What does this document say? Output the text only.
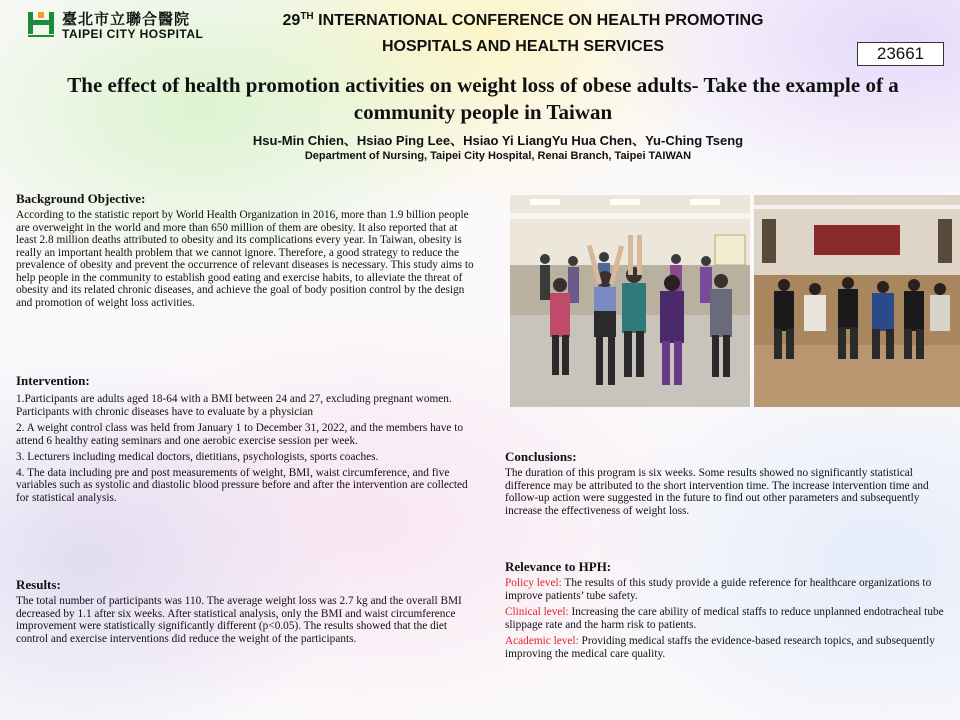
臺北市立聯合醫院
TAIPEI CITY HOSPITAL
29TH INTERNATIONAL CONFERENCE ON HEALTH PROMOTING
HOSPITALS AND HEALTH SERVICES	23661
The effect of health promotion activities on weight loss of obese adults- Take the example of a community people in Taiwan
Hsu-Min Chien、Hsiao Ping Lee、Hsiao Yi LiangYu Hua Chen、Yu-Ching Tseng
Department of Nursing, Taipei City Hospital, Renai Branch, Taipei TAIWAN
Background Objective:

According to the statistic report by World Health Organization in 2016, more than 1.9 billion people are overweight in the world and more than 650 million of them are obesity. It also reported that at least 2.8 million deaths attributed to obesity and its complications every year. In Taiwan, obesity is really an important health problem that we cannot ignore. Therefore, a good strategy to reduce the prevalence of obesity and prevent the occurrence of relevant diseases is necessary. This study aims to help people in the community to establish good eating and exercise habits, to alleviate the threat of obesity and its related chronic diseases, and achieve the goal of body position control by the design and promotion of weight loss activities.

Intervention:

1.Participants are adults aged 18-64 with a BMI between 24 and 27, excluding pregnant women. Participants with chronic diseases have to evaluate by a physician

2. A weight control class was held from January 1 to December 31, 2022, and the members have to attend 6 healthy eating seminars and one aerobic exercise session per week.

3. Lecturers including medical doctors, dietitians, psychologists, sports coaches.

4. The data including pre and post measurements of weight, BMI, waist circumference, and five variables such as systolic and diastolic blood pressure before and after the intervention are collected for statistical analysis.

Results:

The total number of participants was 110. The average weight loss was 2.7 kg and the overall BMI decreased by 1.1 after six weeks. After statistical analysis, only the BMI and waist circumference improvement were statistically significantly different (p<0.05). The results showed that the diet control and exercise interventions did reduce the weight of the participants.

Conclusions:

The duration of this program is six weeks. Some results showed no significantly statistical difference may be attributed to the short intervention time. The increase intervention time and follow-up action were suggested in the future to find out other parameters and subsequently increase the effectiveness of weight loss.

Relevance to HPH:

Policy level: The results of this study provide a guide reference for healthcare organizations to improve patients’ tube safety.

Clinical level: Increasing the care ability of medical staffs to reduce unplanned endotracheal tube slippage rate and the harm risk to patients.

Academic level: Providing medical staffs the evidence-based research topics, and subsequently improving the medical care quality.
